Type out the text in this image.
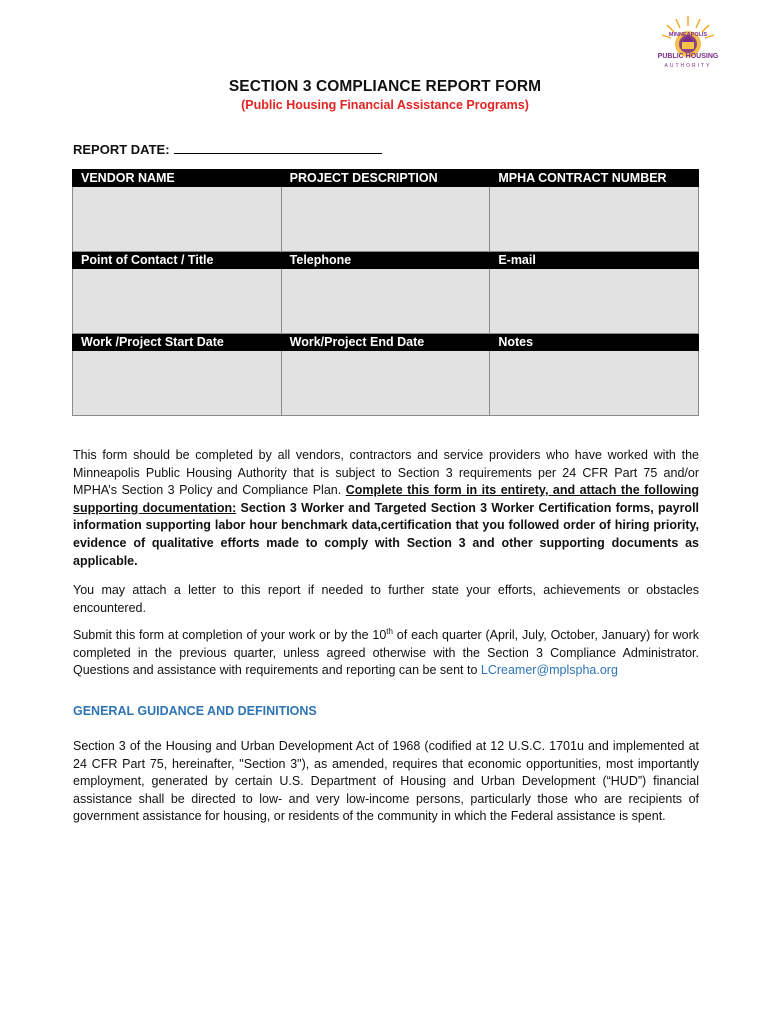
MINNEAPOLIS
PUBLIC HOUSING
AUTHORITY
SECTION 3 COMPLIANCE REPORT FORM
(Public Housing Financial Assistance Programs)
REPORT DATE:
VENDOR NAME	PROJECT DESCRIPTION	MPHA CONTRACT NUMBER

Point of Contact / Title	Telephone	E-mail

Work /Project Start Date	Work/Project End Date	Notes

This form should be completed by all vendors, contractors and service providers who have worked with the Minneapolis Public Housing Authority that is subject to Section 3 requirements per 24 CFR Part 75 and/or MPHA’s Section 3 Policy and Compliance Plan. Complete this form in its entirety, and attach the following supporting documentation: Section 3 Worker and Targeted Section 3 Worker Certification forms, payroll information supporting labor hour benchmark data,certification that you followed order of hiring priority, evidence of qualitative efforts made to comply with Section 3 and other supporting documents as applicable.
You may attach a letter to this report if needed to further state your efforts, achievements or obstacles encountered.
Submit this form at completion of your work or by the 10th of each quarter (April, July, October, January) for work completed in the previous quarter, unless agreed otherwise with the Section 3 Compliance Administrator. Questions and assistance with requirements and reporting can be sent to LCreamer@mplspha.org
GENERAL GUIDANCE AND DEFINITIONS
Section 3 of the Housing and Urban Development Act of 1968 (codified at 12 U.S.C. 1701u and implemented at 24 CFR Part 75, hereinafter, "Section 3"), as amended, requires that economic opportunities, most importantly employment, generated by certain U.S. Department of Housing and Urban Development (“HUD”) financial assistance shall be directed to low- and very low-income persons, particularly those who are recipients of government assistance for housing, or residents of the community in which the Federal assistance is spent.
